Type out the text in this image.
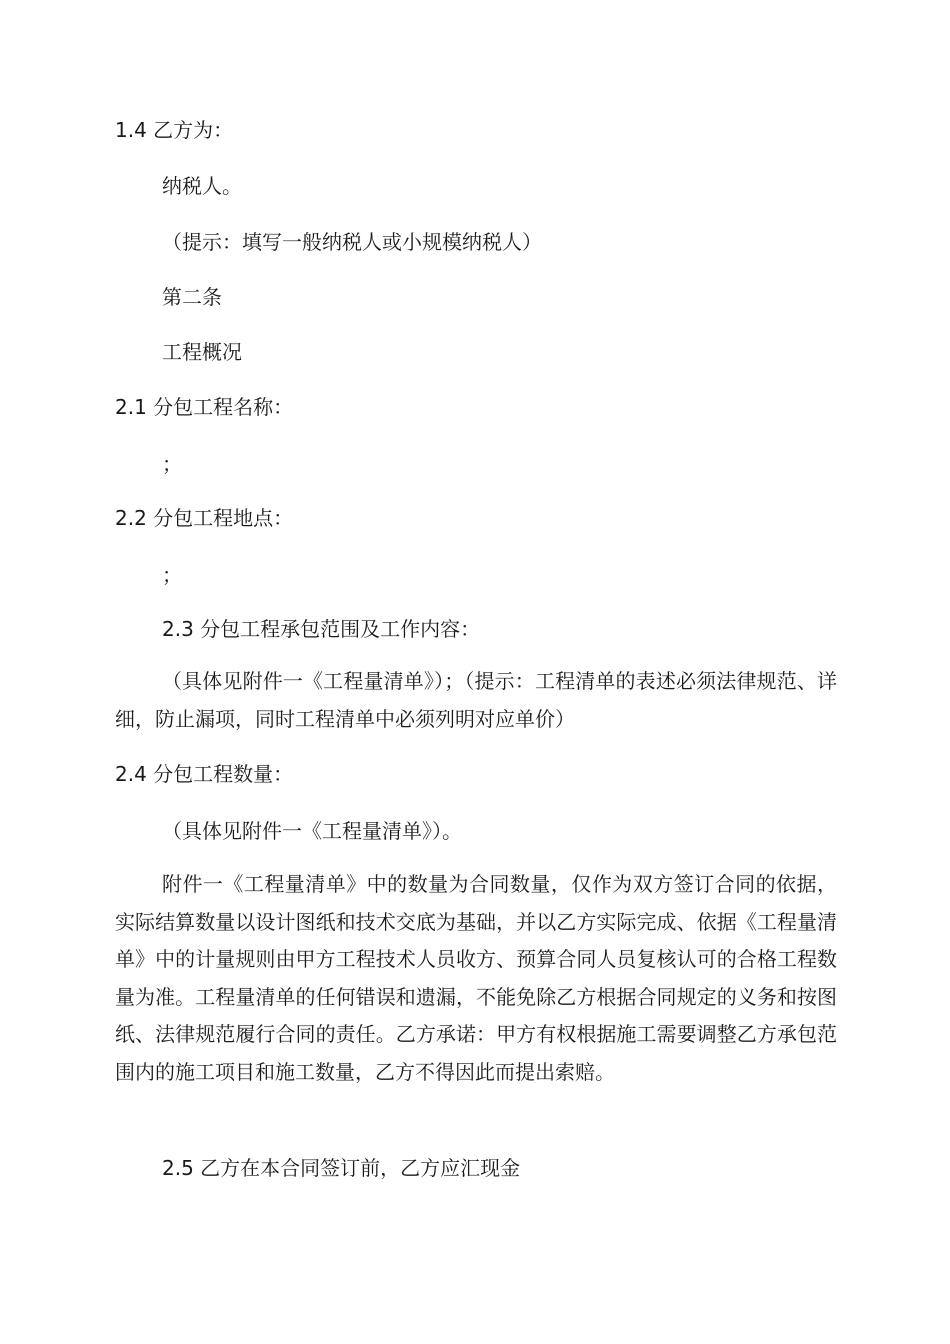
1.4 乙方为：

纳税人。

（提示：填写一般纳税人或小规模纳税人）

第二条

工程概况

2.1 分包工程名称：

；

2.2 分包工程地点：

；

2.3 分包工程承包范围及工作内容：

（具体见附件一《工程量清单》）；（提示：工程清单的表述必须法律规范、详细，防止漏项，同时工程清单中必须列明对应单价）

2.4 分包工程数量：

（具体见附件一《工程量清单》）。

附件一《工程量清单》中的数量为合同数量，仅作为双方签订合同的依据，实际结算数量以设计图纸和技术交底为基础，并以乙方实际完成、依据《工程量清单》中的计量规则由甲方工程技术人员收方、预算合同人员复核认可的合格工程数量为准。工程量清单的任何错误和遗漏，不能免除乙方根据合同规定的义务和按图纸、法律规范履行合同的责任。乙方承诺：甲方有权根据施工需要调整乙方承包范围内的施工项目和施工数量，乙方不得因此而提出索赔。

2.5 乙方在本合同签订前，乙方应汇现金
